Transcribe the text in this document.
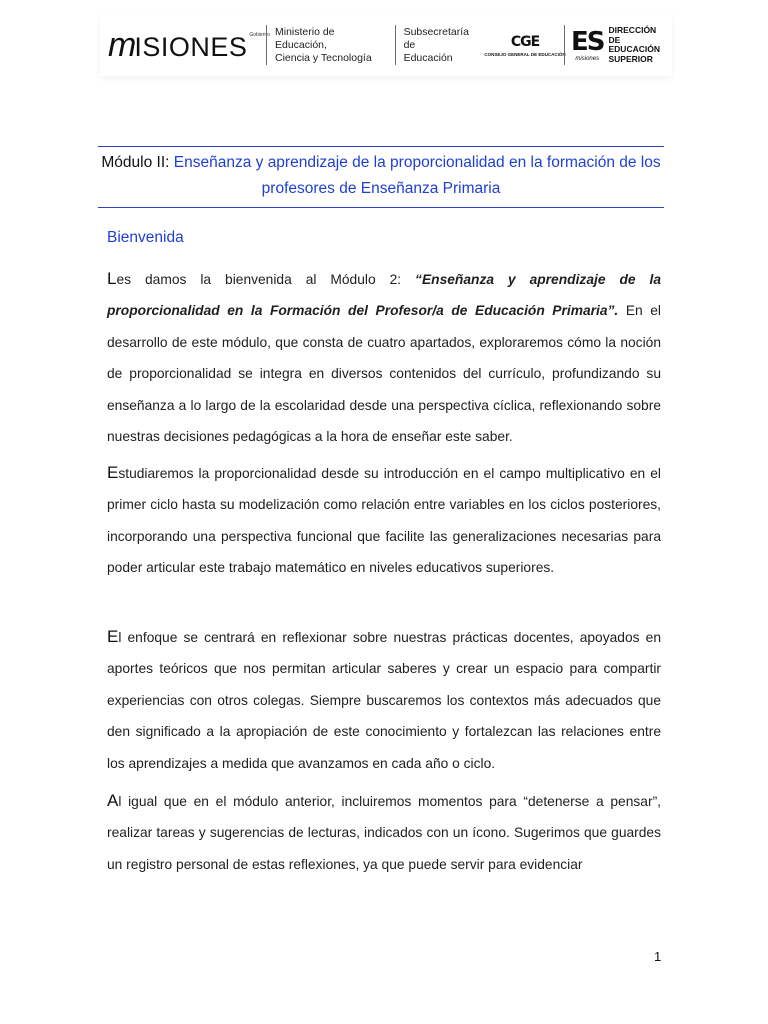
m ISIONES Gobierno Ministerio de Educación,
Ciencia y Tecnología
Subsecretaría de
Educación
CGE
CONSEJO GENERAL DE EDUCACIÓN ES
misiones
DIRECCIÓN
DE EDUCACIÓN
SUPERIOR
Módulo II: Enseñanza y aprendizaje de la proporcionalidad en la formación de los profesores de Enseñanza Primaria
Bienvenida
Les damos la bienvenida al Módulo 2: “Enseñanza y aprendizaje de la proporcionalidad en la Formación del Profesor/a de Educación Primaria”. En el desarrollo de este módulo, que consta de cuatro apartados, exploraremos cómo la noción de proporcionalidad se integra en diversos contenidos del currículo, profundizando su enseñanza a lo largo de la escolaridad desde una perspectiva cíclica, reflexionando sobre nuestras decisiones pedagógicas a la hora de enseñar este saber.
Estudiaremos la proporcionalidad desde su introducción en el campo multiplicativo en el primer ciclo hasta su modelización como relación entre variables en los ciclos posteriores, incorporando una perspectiva funcional que facilite las generalizaciones necesarias para poder articular este trabajo matemático en niveles educativos superiores.
El enfoque se centrará en reflexionar sobre nuestras prácticas docentes, apoyados en aportes teóricos que nos permitan articular saberes y crear un espacio para compartir experiencias con otros colegas. Siempre buscaremos los contextos más adecuados que den significado a la apropiación de este conocimiento y fortalezcan las relaciones entre los aprendizajes a medida que avanzamos en cada año o ciclo.
Al igual que en el módulo anterior, incluiremos momentos para “detenerse a pensar”, realizar tareas y sugerencias de lecturas, indicados con un ícono. Sugerimos que guardes un registro personal de estas reflexiones, ya que puede servir para evidenciar
1
